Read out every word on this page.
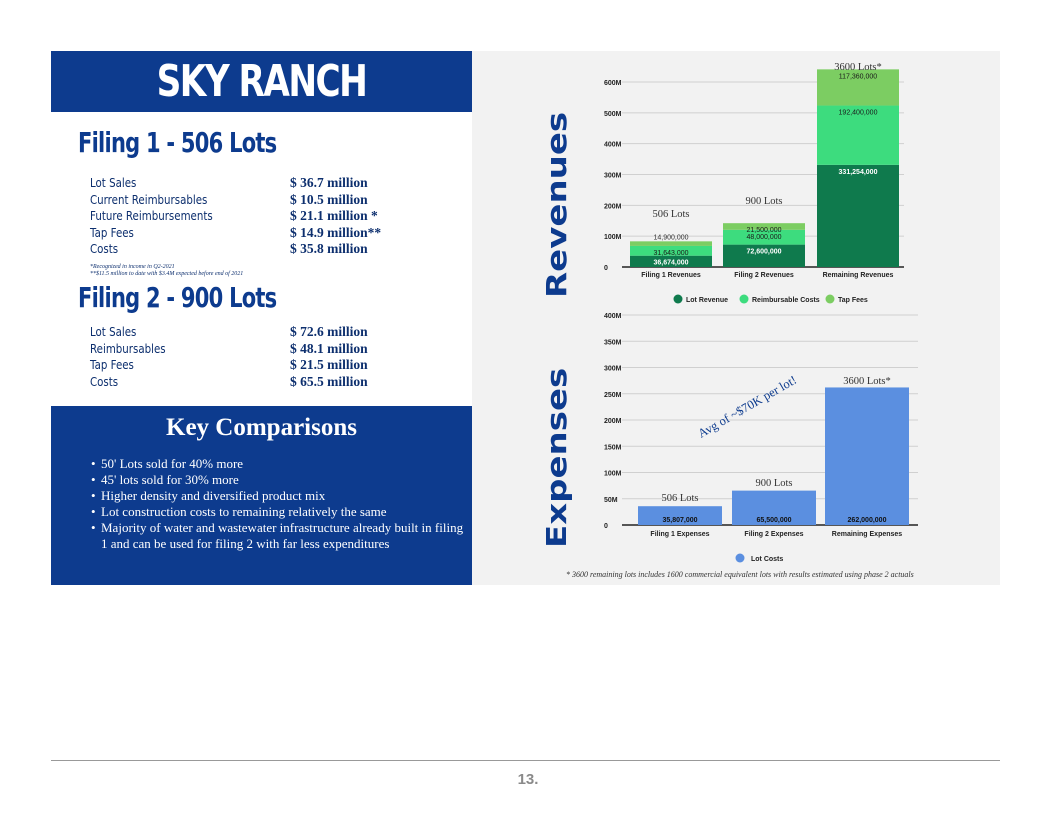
SKY RANCH
Filing 1 - 506 Lots
Lot Sales	$ 36.7 million
Current Reimbursables	$ 10.5 million
Future Reimbursements	$ 21.1 million *
Tap Fees	$ 14.9 million**
Costs	$ 35.8 million
*Recognized in income in Q2-2021
**$11.5 million to date with $3.4M expected before end of 2021
Filing 2 - 900 Lots
Lot Sales	$ 72.6 million
Reimbursables	$ 48.1 million
Tap Fees	$ 21.5 million
Costs	$ 65.5 million
Key Comparisons
• 50' Lots sold for 40% more
• 45' lots sold for 30% more
• Higher density and diversified product mix
• Lot construction costs to remaining relatively the same
• Majority of water and wastewater infrastructure already built in filing 1 and can be used for filing 2 with far less expenditures
Revenues
Expenses
0
100M
200M
300M
400M
500M
600M
36,674,000
31,643,000
14,900,000
Filing 1 Revenues
72,600,000
48,000,000
21,500,000
Filing 2 Revenues
331,254,000
192,400,000
117,360,000
Remaining Revenues
506 Lots
900 Lots
3600 Lots*
Lot Revenue	Reimbursable Costs	Tap Fees
0
50M
100M
150M
200M
250M
300M
350M
400M
35,807,000
Filing 1 Expenses
65,500,000
Filing 2 Expenses
262,000,000
Remaining Expenses
506 Lots
900 Lots
3600 Lots*
Avg of ~$70K per lot!
Lot Costs
* 3600 remaining lots includes 1600 commercial equivalent lots with results estimated using phase 2 actuals
13.
